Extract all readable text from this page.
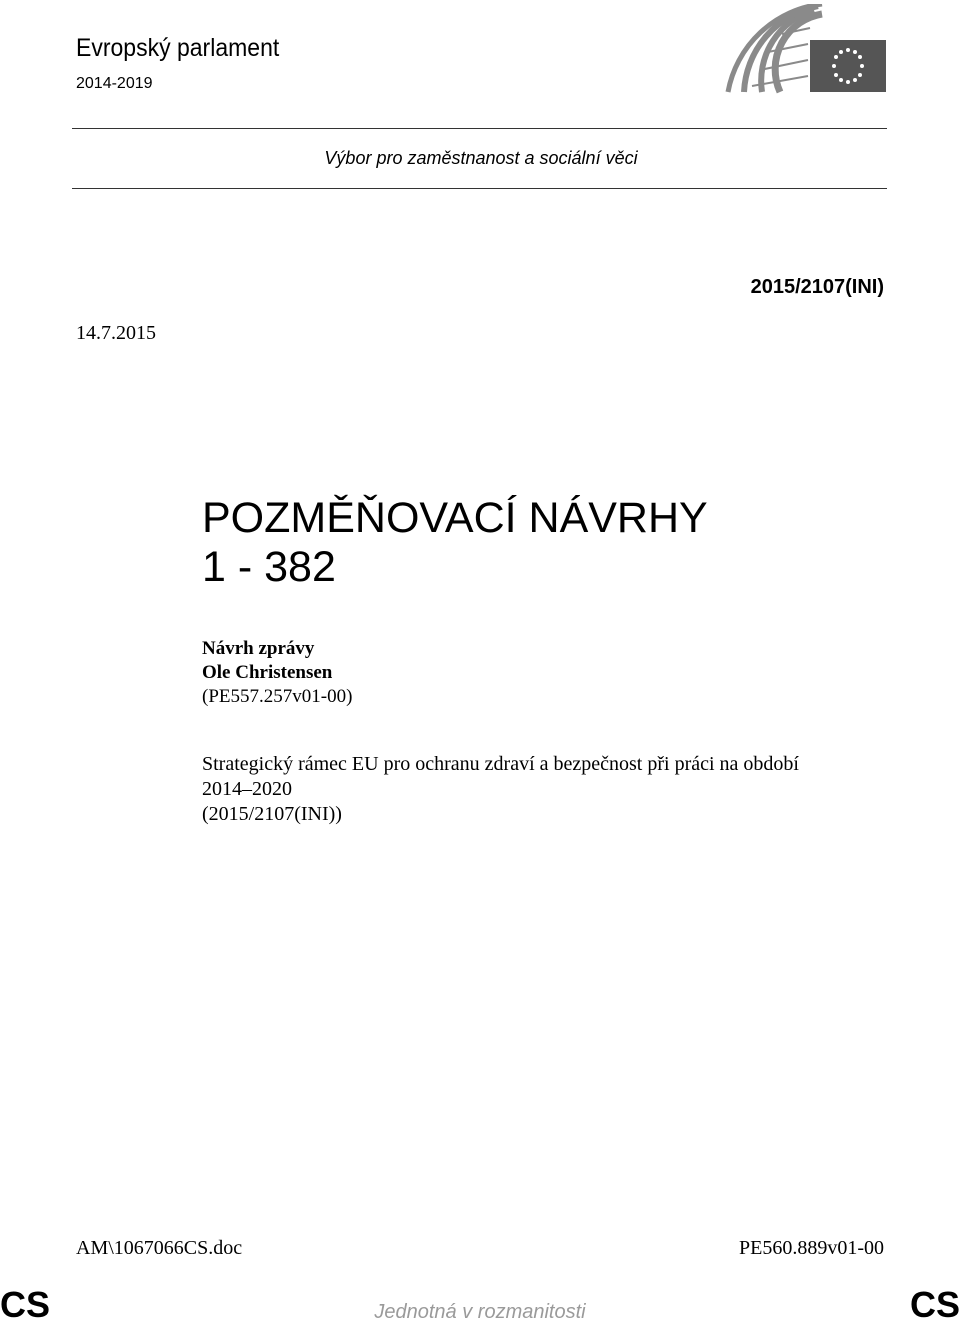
Evropský parlament
2014-2019
Výbor pro zaměstnanost a sociální věci
2015/2107(INI)
14.7.2015
POZMĚŇOVACÍ NÁVRHY
1 - 382
Návrh zprávy
Ole Christensen
(PE557.257v01-00)
Strategický rámec EU pro ochranu zdraví a bezpečnost při práci na období
2014–2020
(2015/2107(INI))
AM\1067066CS.doc	PE560.889v01-00
CS	Jednotná v rozmanitosti	CS
